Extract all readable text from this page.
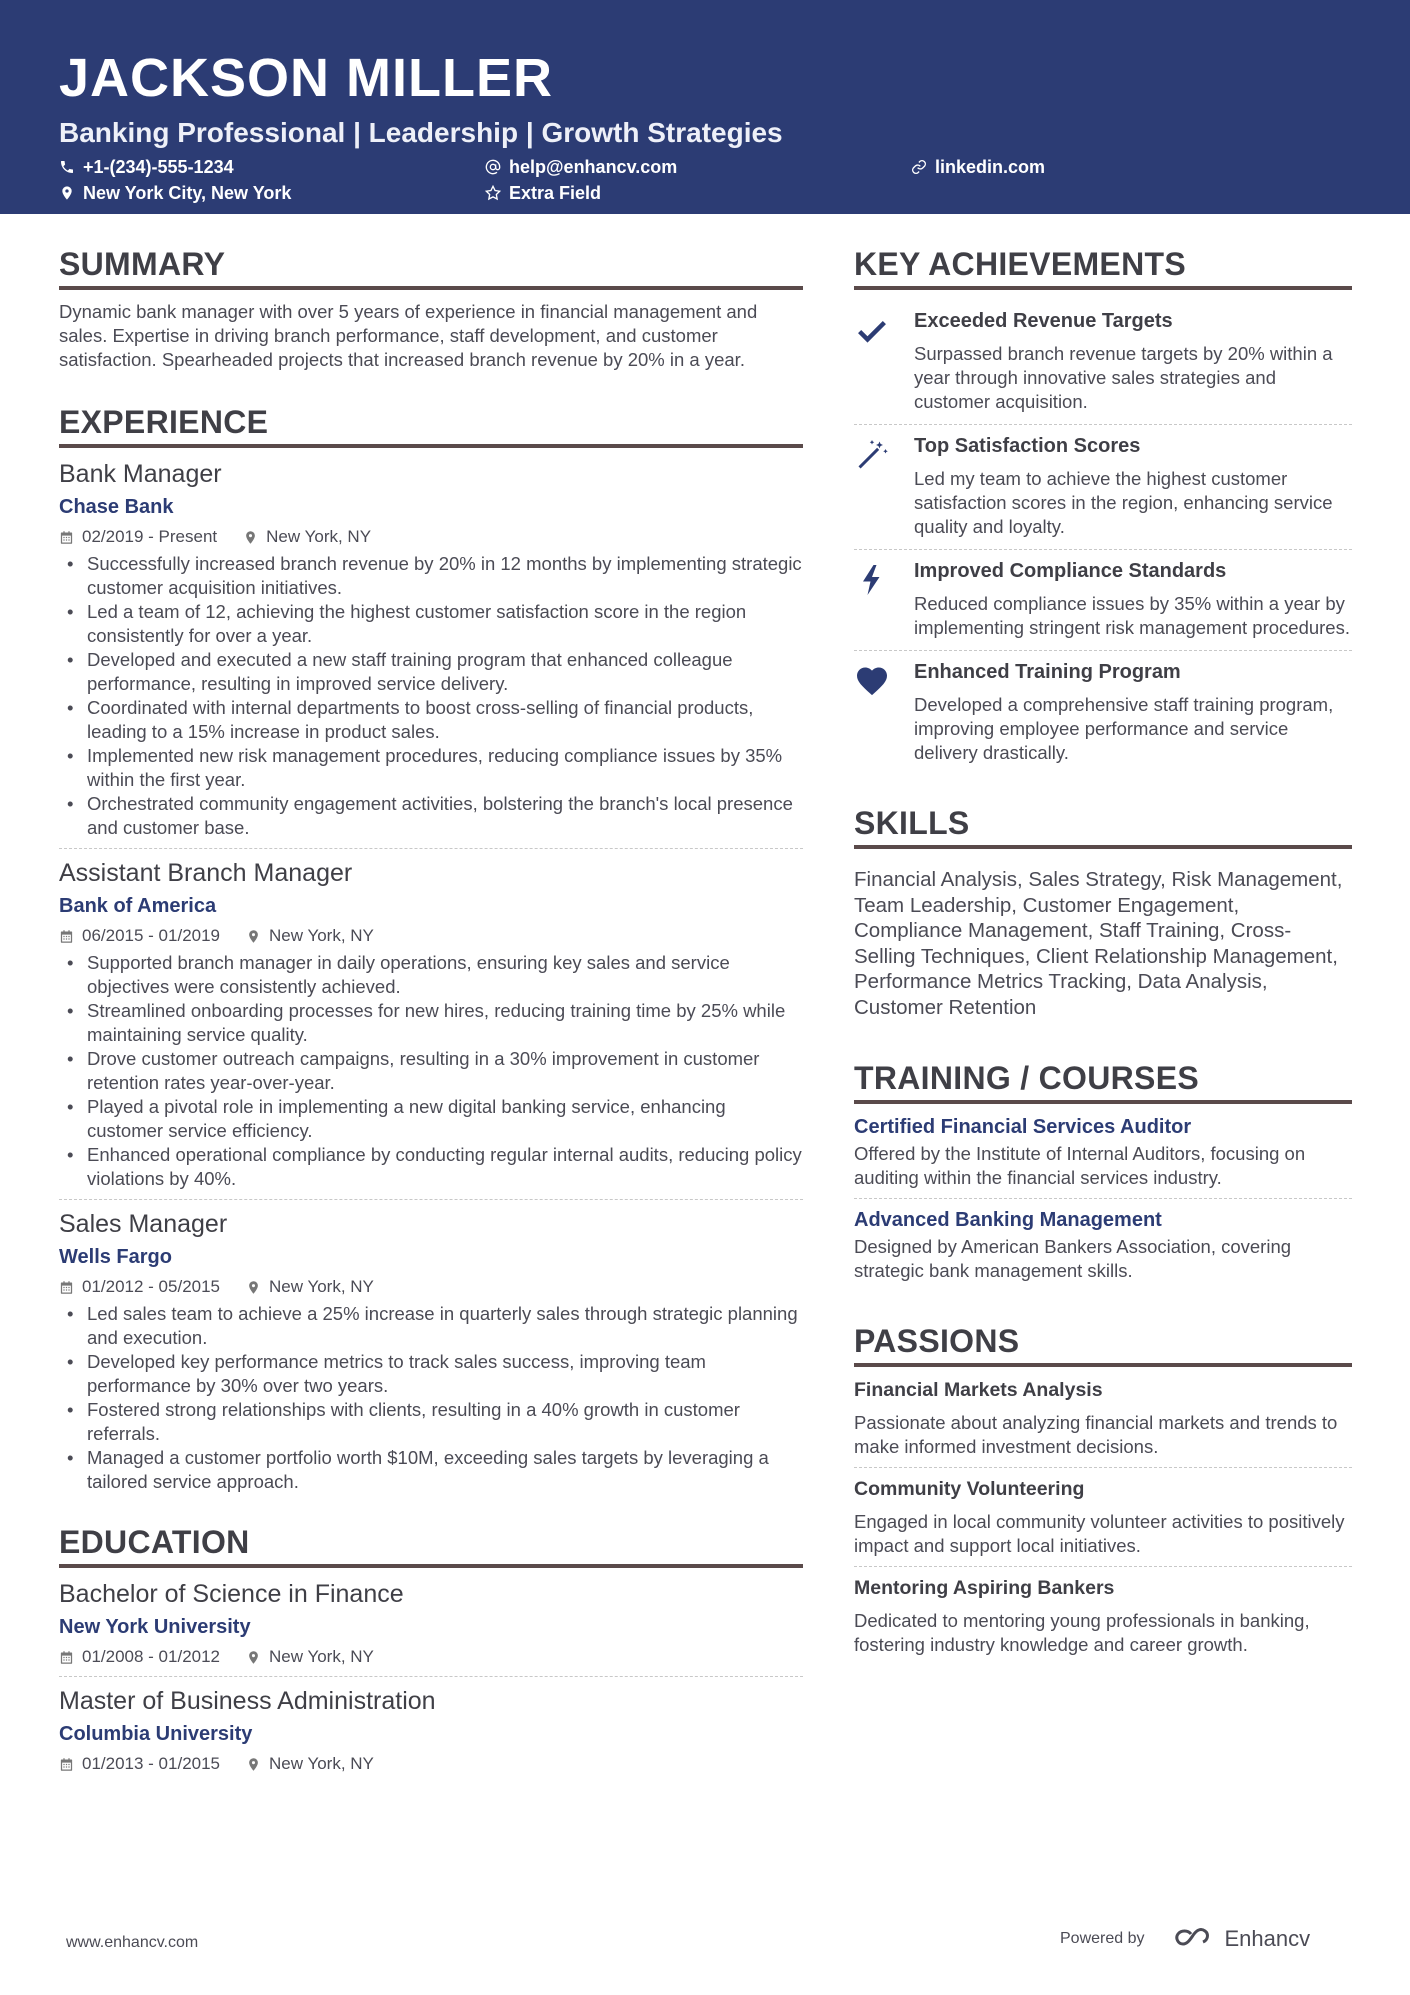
JACKSON MILLER
Banking Professional | Leadership | Growth Strategies
+1-(234)-555-1234	help@enhancv.com	linkedin.com
New York City, New York	Extra Field
SUMMARY
Dynamic bank manager with over 5 years of experience in financial management and sales. Expertise in driving branch performance, staff development, and customer satisfaction. Spearheaded projects that increased branch revenue by 20% in a year.
EXPERIENCE
Bank Manager
Chase Bank
02/2019 - Present	New York, NY
• Successfully increased branch revenue by 20% in 12 months by implementing strategic customer acquisition initiatives.
• Led a team of 12, achieving the highest customer satisfaction score in the region consistently for over a year.
• Developed and executed a new staff training program that enhanced colleague performance, resulting in improved service delivery.
• Coordinated with internal departments to boost cross-selling of financial products, leading to a 15% increase in product sales.
• Implemented new risk management procedures, reducing compliance issues by 35% within the first year.
• Orchestrated community engagement activities, bolstering the branch's local presence and customer base.
Assistant Branch Manager
Bank of America
06/2015 - 01/2019	New York, NY
• Supported branch manager in daily operations, ensuring key sales and service objectives were consistently achieved.
• Streamlined onboarding processes for new hires, reducing training time by 25% while maintaining service quality.
• Drove customer outreach campaigns, resulting in a 30% improvement in customer retention rates year-over-year.
• Played a pivotal role in implementing a new digital banking service, enhancing customer service efficiency.
• Enhanced operational compliance by conducting regular internal audits, reducing policy violations by 40%.
Sales Manager
Wells Fargo
01/2012 - 05/2015	New York, NY
• Led sales team to achieve a 25% increase in quarterly sales through strategic planning and execution.
• Developed key performance metrics to track sales success, improving team performance by 30% over two years.
• Fostered strong relationships with clients, resulting in a 40% growth in customer referrals.
• Managed a customer portfolio worth $10M, exceeding sales targets by leveraging a tailored service approach.
EDUCATION
Bachelor of Science in Finance
New York University
01/2008 - 01/2012	New York, NY
Master of Business Administration
Columbia University
01/2013 - 01/2015	New York, NY
KEY ACHIEVEMENTS
Exceeded Revenue Targets
Surpassed branch revenue targets by 20% within a year through innovative sales strategies and customer acquisition.
Top Satisfaction Scores
Led my team to achieve the highest customer satisfaction scores in the region, enhancing service quality and loyalty.
Improved Compliance Standards
Reduced compliance issues by 35% within a year by implementing stringent risk management procedures.
Enhanced Training Program
Developed a comprehensive staff training program, improving employee performance and service delivery drastically.
SKILLS
Financial Analysis, Sales Strategy, Risk Management, Team Leadership, Customer Engagement, Compliance Management, Staff Training, Cross-Selling Techniques, Client Relationship Management, Performance Metrics Tracking, Data Analysis, Customer Retention
TRAINING / COURSES
Certified Financial Services Auditor
Offered by the Institute of Internal Auditors, focusing on auditing within the financial services industry.
Advanced Banking Management
Designed by American Bankers Association, covering strategic bank management skills.
PASSIONS
Financial Markets Analysis
Passionate about analyzing financial markets and trends to make informed investment decisions.
Community Volunteering
Engaged in local community volunteer activities to positively impact and support local initiatives.
Mentoring Aspiring Bankers
Dedicated to mentoring young professionals in banking, fostering industry knowledge and career growth.
www.enhancv.com	Powered by	Enhancv
